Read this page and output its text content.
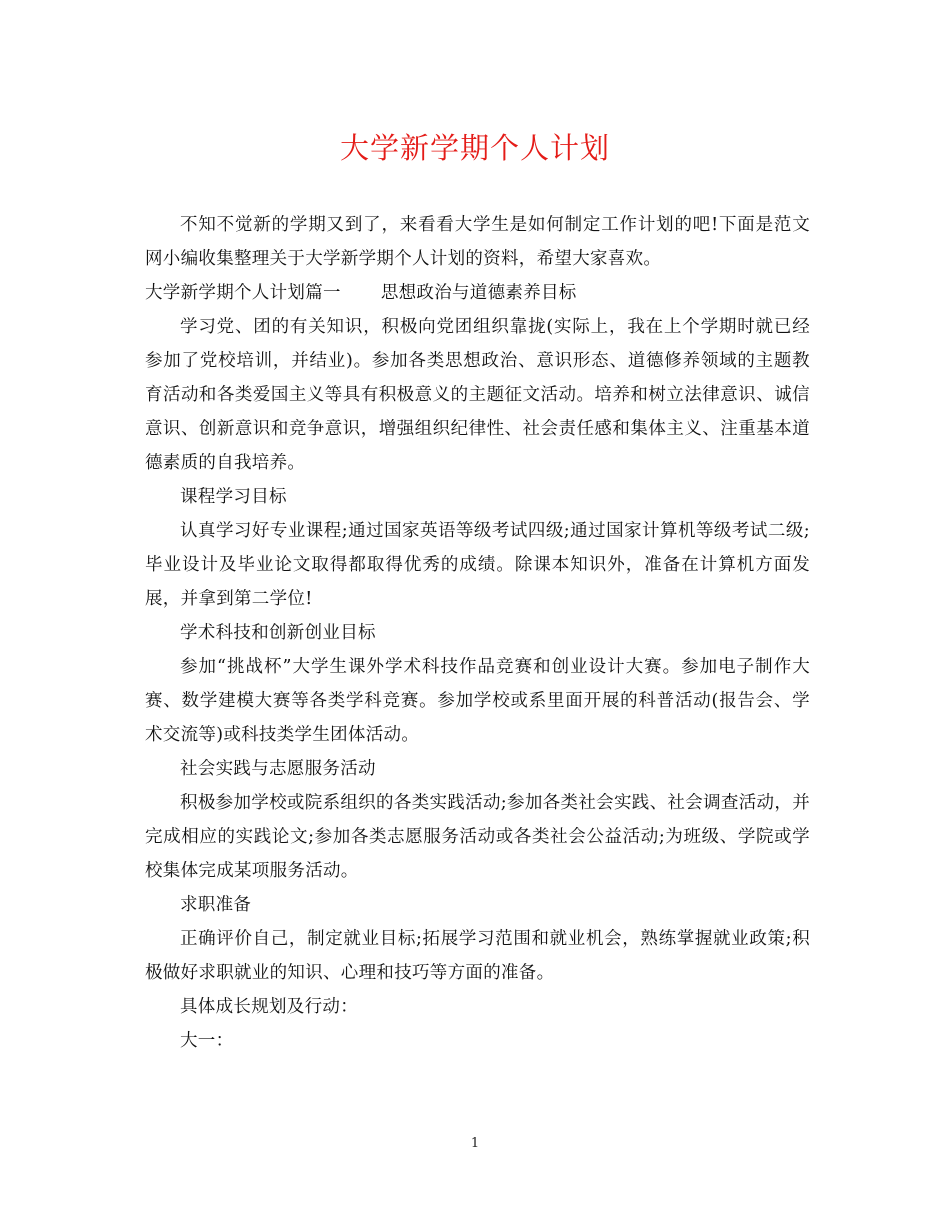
大学新学期个人计划

不知不觉新的学期又到了，来看看大学生是如何制定工作计划的吧!下面是范文网小编收集整理关于大学新学期个人计划的资料，希望大家喜欢。

大学新学期个人计划篇一 思想政治与道德素养目标

学习党、团的有关知识，积极向党团组织靠拢(实际上，我在上个学期时就已经参加了党校培训，并结业)。参加各类思想政治、意识形态、道德修养领域的主题教育活动和各类爱国主义等具有积极意义的主题征文活动。培养和树立法律意识、诚信意识、创新意识和竞争意识，增强组织纪律性、社会责任感和集体主义、注重基本道德素质的自我培养。

课程学习目标

认真学习好专业课程;通过国家英语等级考试四级;通过国家计算机等级考试二级;毕业设计及毕业论文取得都取得优秀的成绩。除课本知识外，准备在计算机方面发展，并拿到第二学位!

学术科技和创新创业目标

参加“挑战杯”大学生课外学术科技作品竞赛和创业设计大赛。参加电子制作大赛、数学建模大赛等各类学科竞赛。参加学校或系里面开展的科普活动(报告会、学术交流等)或科技类学生团体活动。

社会实践与志愿服务活动

积极参加学校或院系组织的各类实践活动;参加各类社会实践、社会调查活动，并完成相应的实践论文;参加各类志愿服务活动或各类社会公益活动;为班级、学院或学校集体完成某项服务活动。

求职准备

正确评价自己，制定就业目标;拓展学习范围和就业机会，熟练掌握就业政策;积极做好求职就业的知识、心理和技巧等方面的准备。

具体成长规划及行动：

大一：

1
